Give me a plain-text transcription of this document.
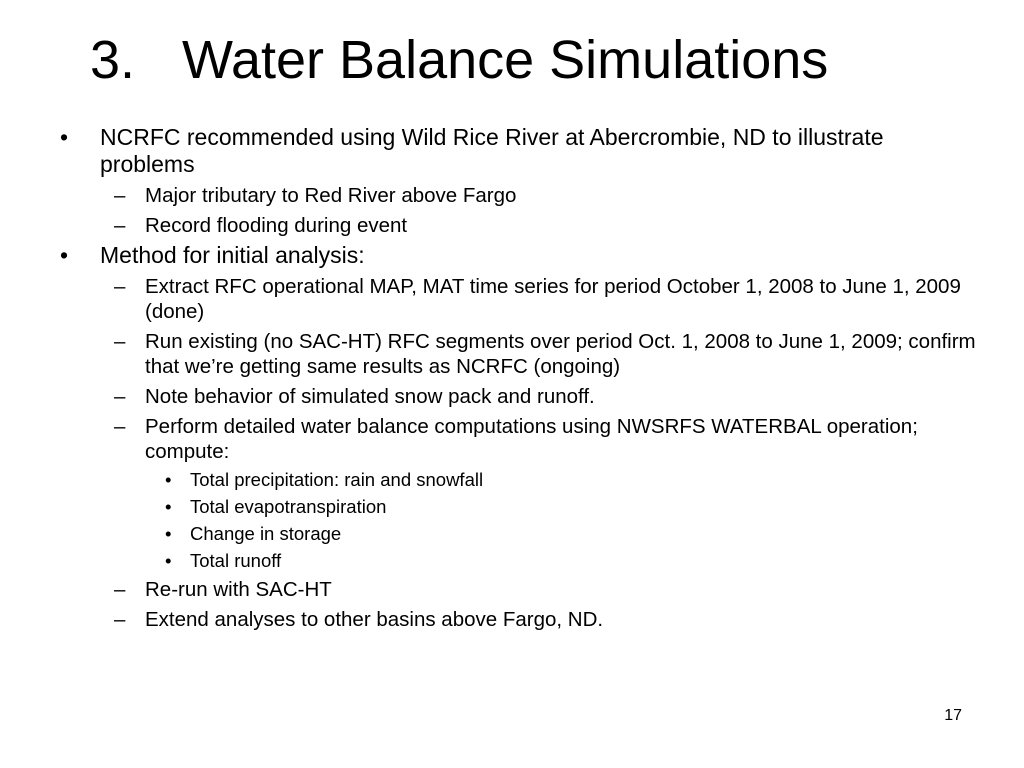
3. Water Balance Simulations
• NCRFC recommended using Wild Rice River at Abercrombie, ND to illustrate problems
– Major tributary to Red River above Fargo
– Record flooding during event
• Method for initial analysis:
– Extract RFC operational MAP, MAT time series for period October 1, 2008 to June 1, 2009 (done)
– Run existing (no SAC-HT) RFC segments over period Oct. 1, 2008 to June 1, 2009; confirm that we’re getting same results as NCRFC (ongoing)
– Note behavior of simulated snow pack and runoff.
– Perform detailed water balance computations using NWSRFS WATERBAL operation; compute:
• Total precipitation: rain and snowfall
• Total evapotranspiration
• Change in storage
• Total runoff
– Re-run with SAC-HT
– Extend analyses to other basins above Fargo, ND.
17
